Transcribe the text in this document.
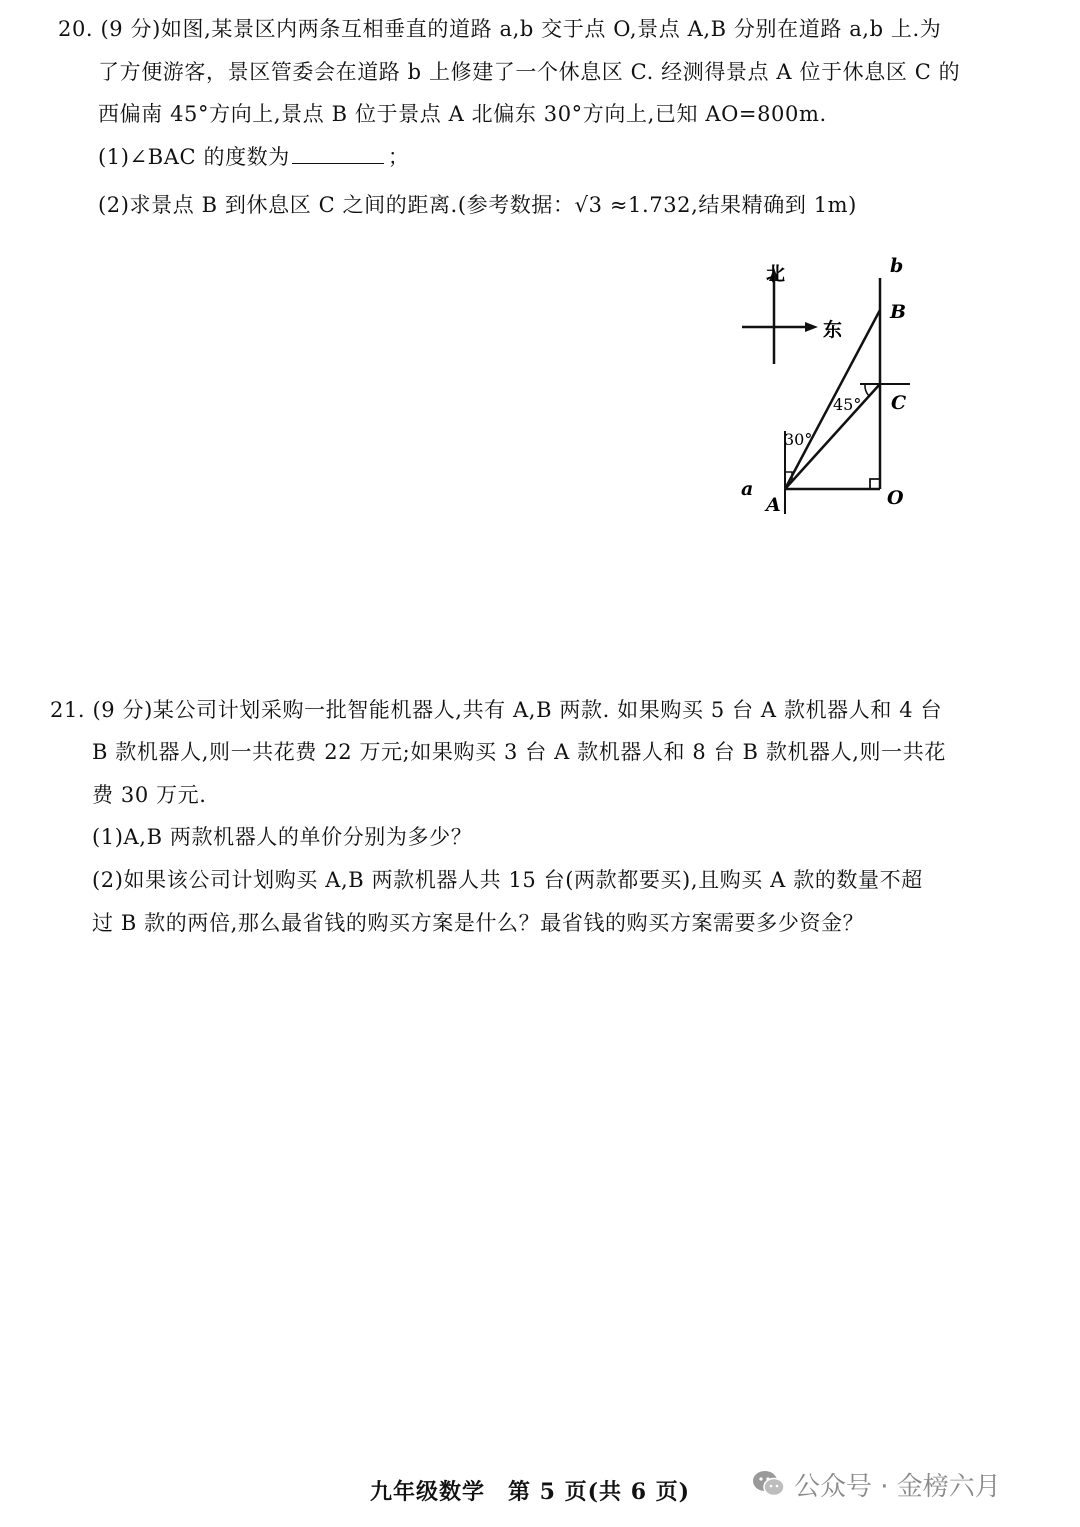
20. (9 分)如图,某景区内两条互相垂直的道路 a,b 交于点 O,景点 A,B 分别在道路 a,b 上.为
了方便游客，景区管委会在道路 b 上修建了一个休息区 C. 经测得景点 A 位于休息区 C 的
西偏南 45°方向上,景点 B 位于景点 A 北偏东 30°方向上,已知 AO=800m.
(1)∠BAC 的度数为	；
(2)求景点 B 到休息区 C 之间的距离.(参考数据：√3 ≈1.732,结果精确到 1m)
北
东
b
B
C
45°
30°
a
A	O
21. (9 分)某公司计划采购一批智能机器人,共有 A,B 两款. 如果购买 5 台 A 款机器人和 4 台
B 款机器人,则一共花费 22 万元;如果购买 3 台 A 款机器人和 8 台 B 款机器人,则一共花
费 30 万元.
(1)A,B 两款机器人的单价分别为多少？
(2)如果该公司计划购买 A,B 两款机器人共 15 台(两款都要买),且购买 A 款的数量不超
过 B 款的两倍,那么最省钱的购买方案是什么？最省钱的购买方案需要多少资金？
九年级数学　第 5 页(共 6 页)	公众号 · 金榜六月
